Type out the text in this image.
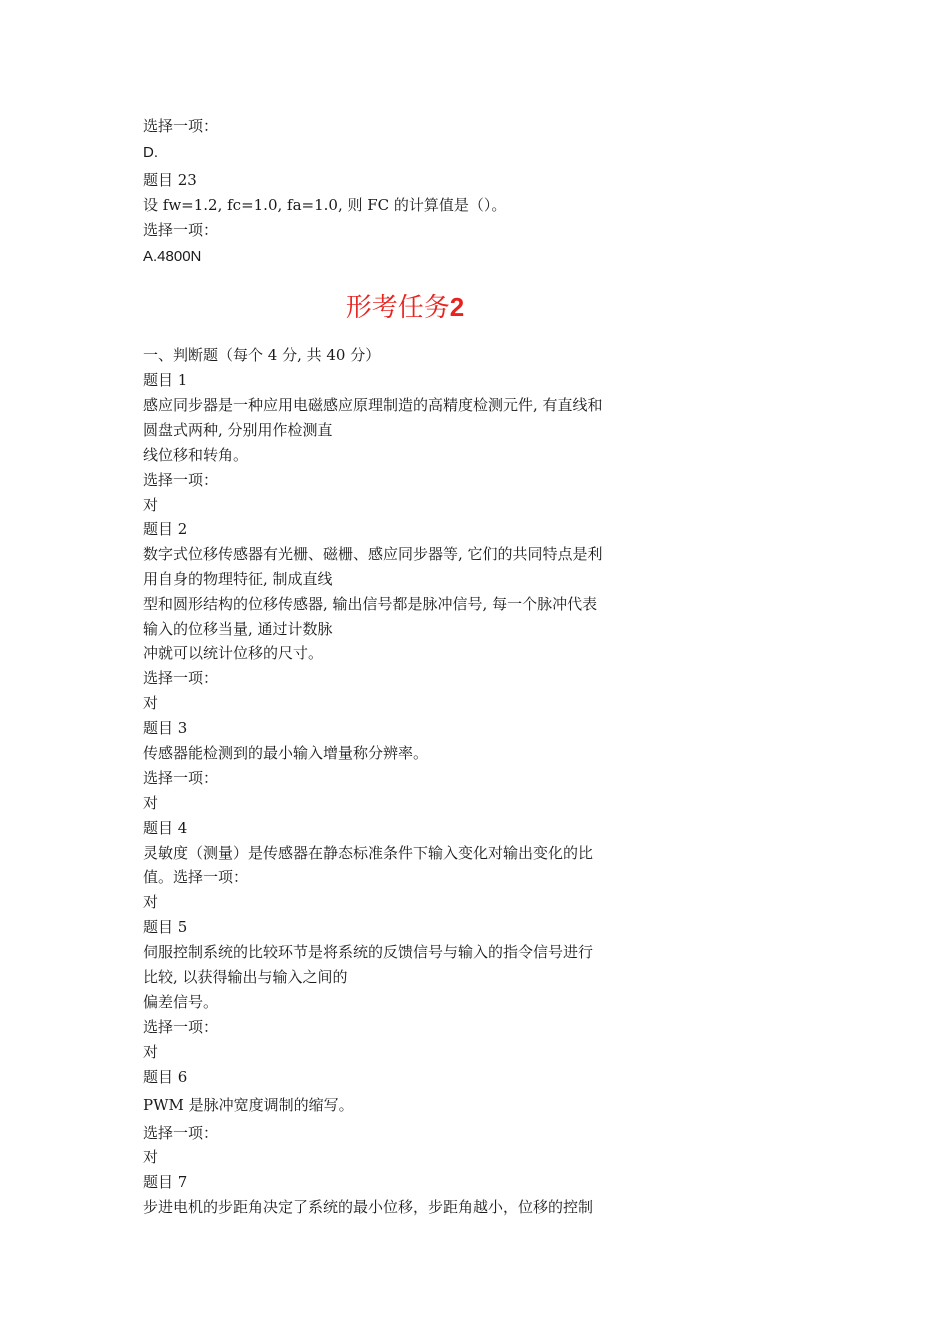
选择一项：
D.
题目 23
设 fw=1.2, fc=1.0, fa=1.0, 则 FC 的计算值是（）。
选择一项：
A.4800N
形考任务2
一、判断题（每个 4 分, 共 40 分）
题目 1
感应同步器是一种应用电磁感应原理制造的高精度检测元件, 有直线和
圆盘式两种, 分别用作检测直
线位移和转角。
选择一项：
对
题目 2
数字式位移传感器有光栅、磁栅、感应同步器等, 它们的共同特点是利
用自身的物理特征, 制成直线
型和圆形结构的位移传感器, 输出信号都是脉冲信号, 每一个脉冲代表
输入的位移当量, 通过计数脉
冲就可以统计位移的尺寸。
选择一项：
对
题目 3
传感器能检测到的最小输入增量称分辨率。
选择一项：
对
题目 4
灵敏度（测量）是传感器在静态标准条件下输入变化对输出变化的比
值。选择一项：
对
题目 5
伺服控制系统的比较环节是将系统的反馈信号与输入的指令信号进行
比较, 以获得输出与输入之间的
偏差信号。
选择一项：
对
题目 6
PWM 是脉冲宽度调制的缩写。
选择一项：
对
题目 7
步进电机的步距角决定了系统的最小位移，步距角越小，位移的控制
